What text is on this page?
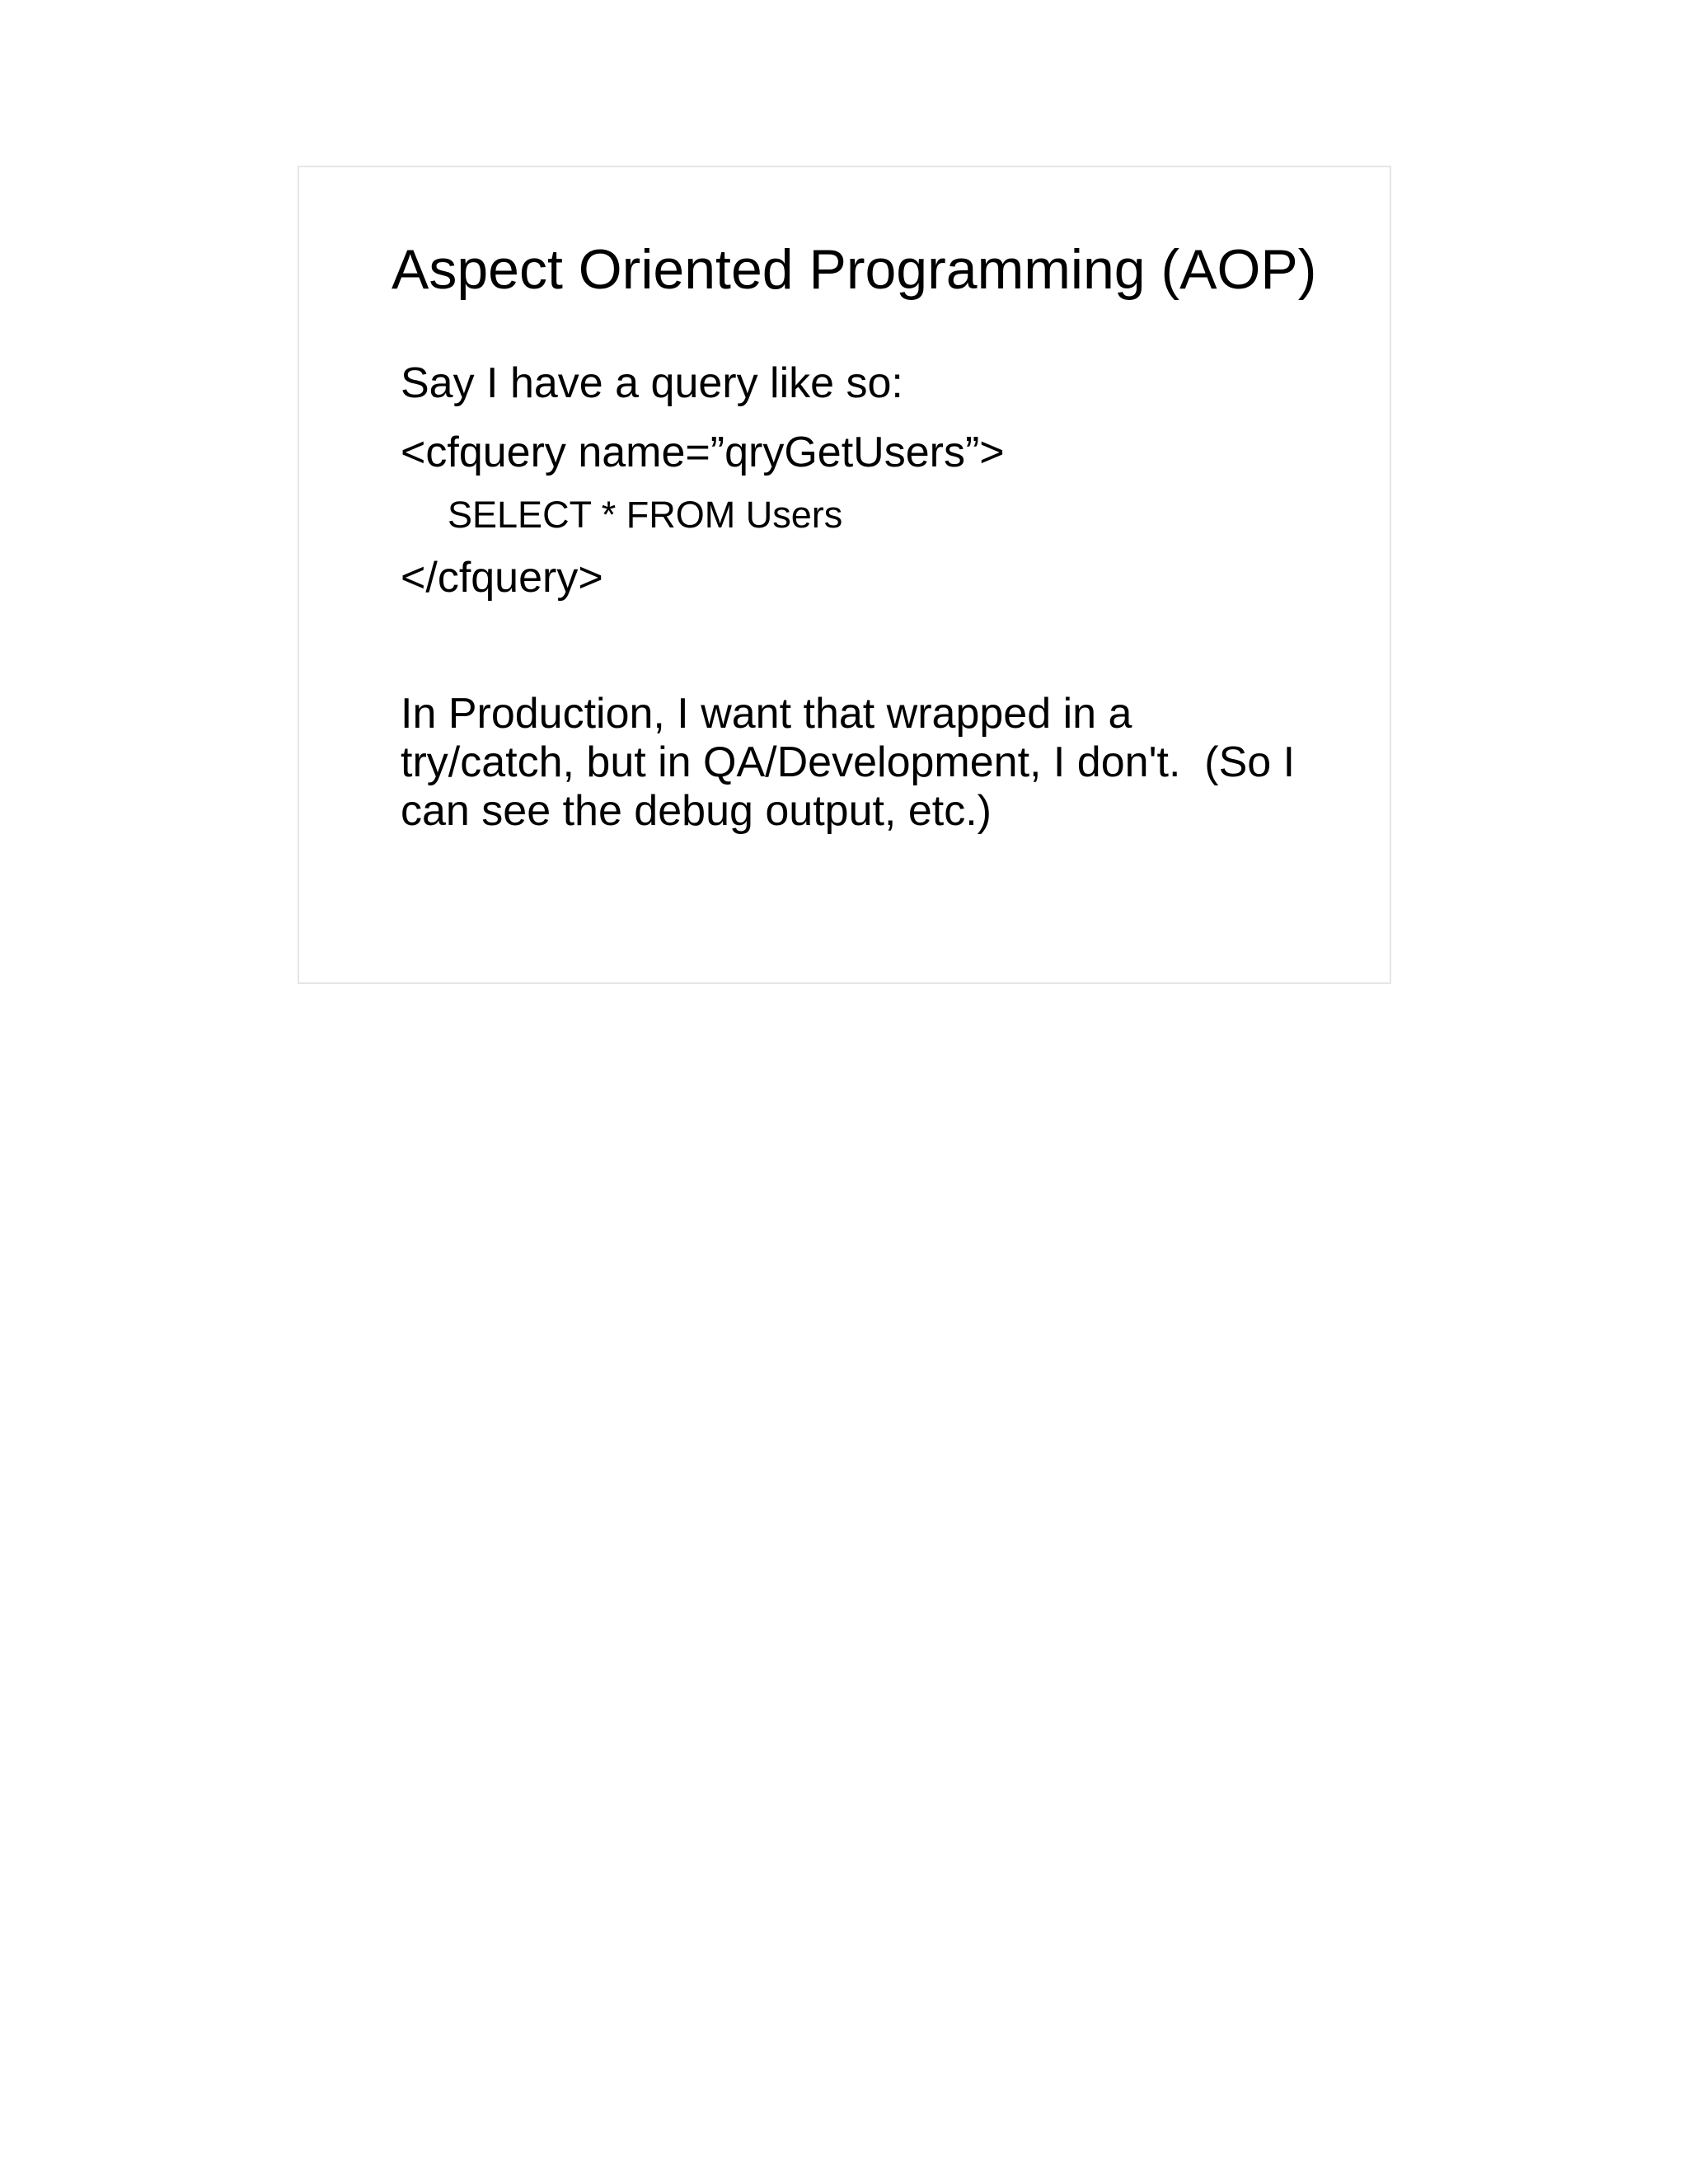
Aspect Oriented Programming (AOP)

Say I have a query like so:

<cfquery name=”qryGetUsers”>

SELECT * FROM Users

</cfquery>

In Production, I want that wrapped in a
try/catch, but in QA/Development, I don't.  (So I
can see the debug output, etc.)
